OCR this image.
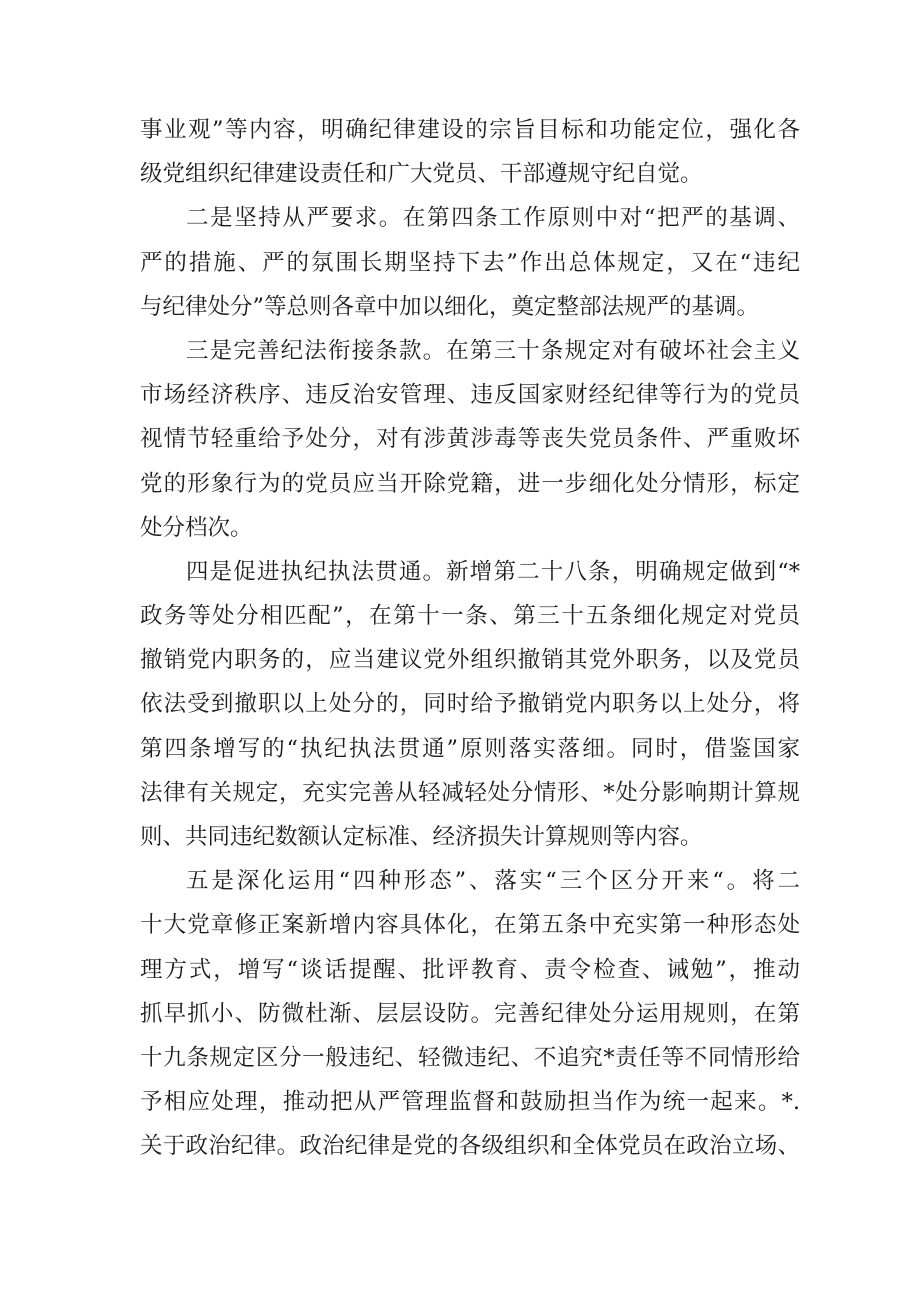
事业观”等内容，明确纪律建设的宗旨目标和功能定位，强化各
级党组织纪律建设责任和广大党员、干部遵规守纪自觉。
二是坚持从严要求。在第四条工作原则中对“把严的基调、
严的措施、严的氛围长期坚持下去”作出总体规定，又在“违纪
与纪律处分”等总则各章中加以细化，奠定整部法规严的基调。
三是完善纪法衔接条款。在第三十条规定对有破坏社会主义
市场经济秩序、违反治安管理、违反国家财经纪律等行为的党员
视情节轻重给予处分，对有涉黄涉毒等丧失党员条件、严重败坏
党的形象行为的党员应当开除党籍，进一步细化处分情形，标定
处分档次。
四是促进执纪执法贯通。新增第二十八条，明确规定做到“*
政务等处分相匹配”，在第十一条、第三十五条细化规定对党员
撤销党内职务的，应当建议党外组织撤销其党外职务，以及党员
依法受到撤职以上处分的，同时给予撤销党内职务以上处分，将
第四条增写的“执纪执法贯通”原则落实落细。同时，借鉴国家
法律有关规定，充实完善从轻减轻处分情形、*处分影响期计算规
则、共同违纪数额认定标准、经济损失计算规则等内容。
五是深化运用“四种形态”、落实“三个区分开来“。将二
十大党章修正案新增内容具体化，在第五条中充实第一种形态处
理方式，增写“谈话提醒、批评教育、责令检查、诫勉”，推动
抓早抓小、防微杜渐、层层设防。完善纪律处分运用规则，在第
十九条规定区分一般违纪、轻微违纪、不追究*责任等不同情形给
予相应处理，推动把从严管理监督和鼓励担当作为统一起来。*.
关于政治纪律。政治纪律是党的各级组织和全体党员在政治立场、
